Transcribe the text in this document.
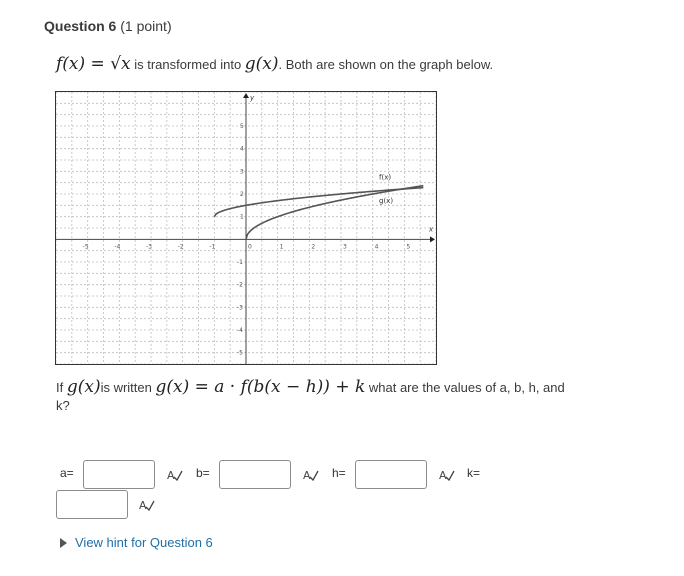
Question 6 (1 point)
f(x) = √x is transformed into g(x). Both are shown on the graph below.
x
y
-5	-4	-3	-2	-1	0	1	2	3	4	5
5
4
3
2
1
-1
-2
-3
-4
-5
f(x)
g(x)
If g(x)is written g(x) = a · f(b(x − h)) + k what are the values of a, b, h, and k?
a=	A b=	A h=	A k=
A
View hint for Question 6
